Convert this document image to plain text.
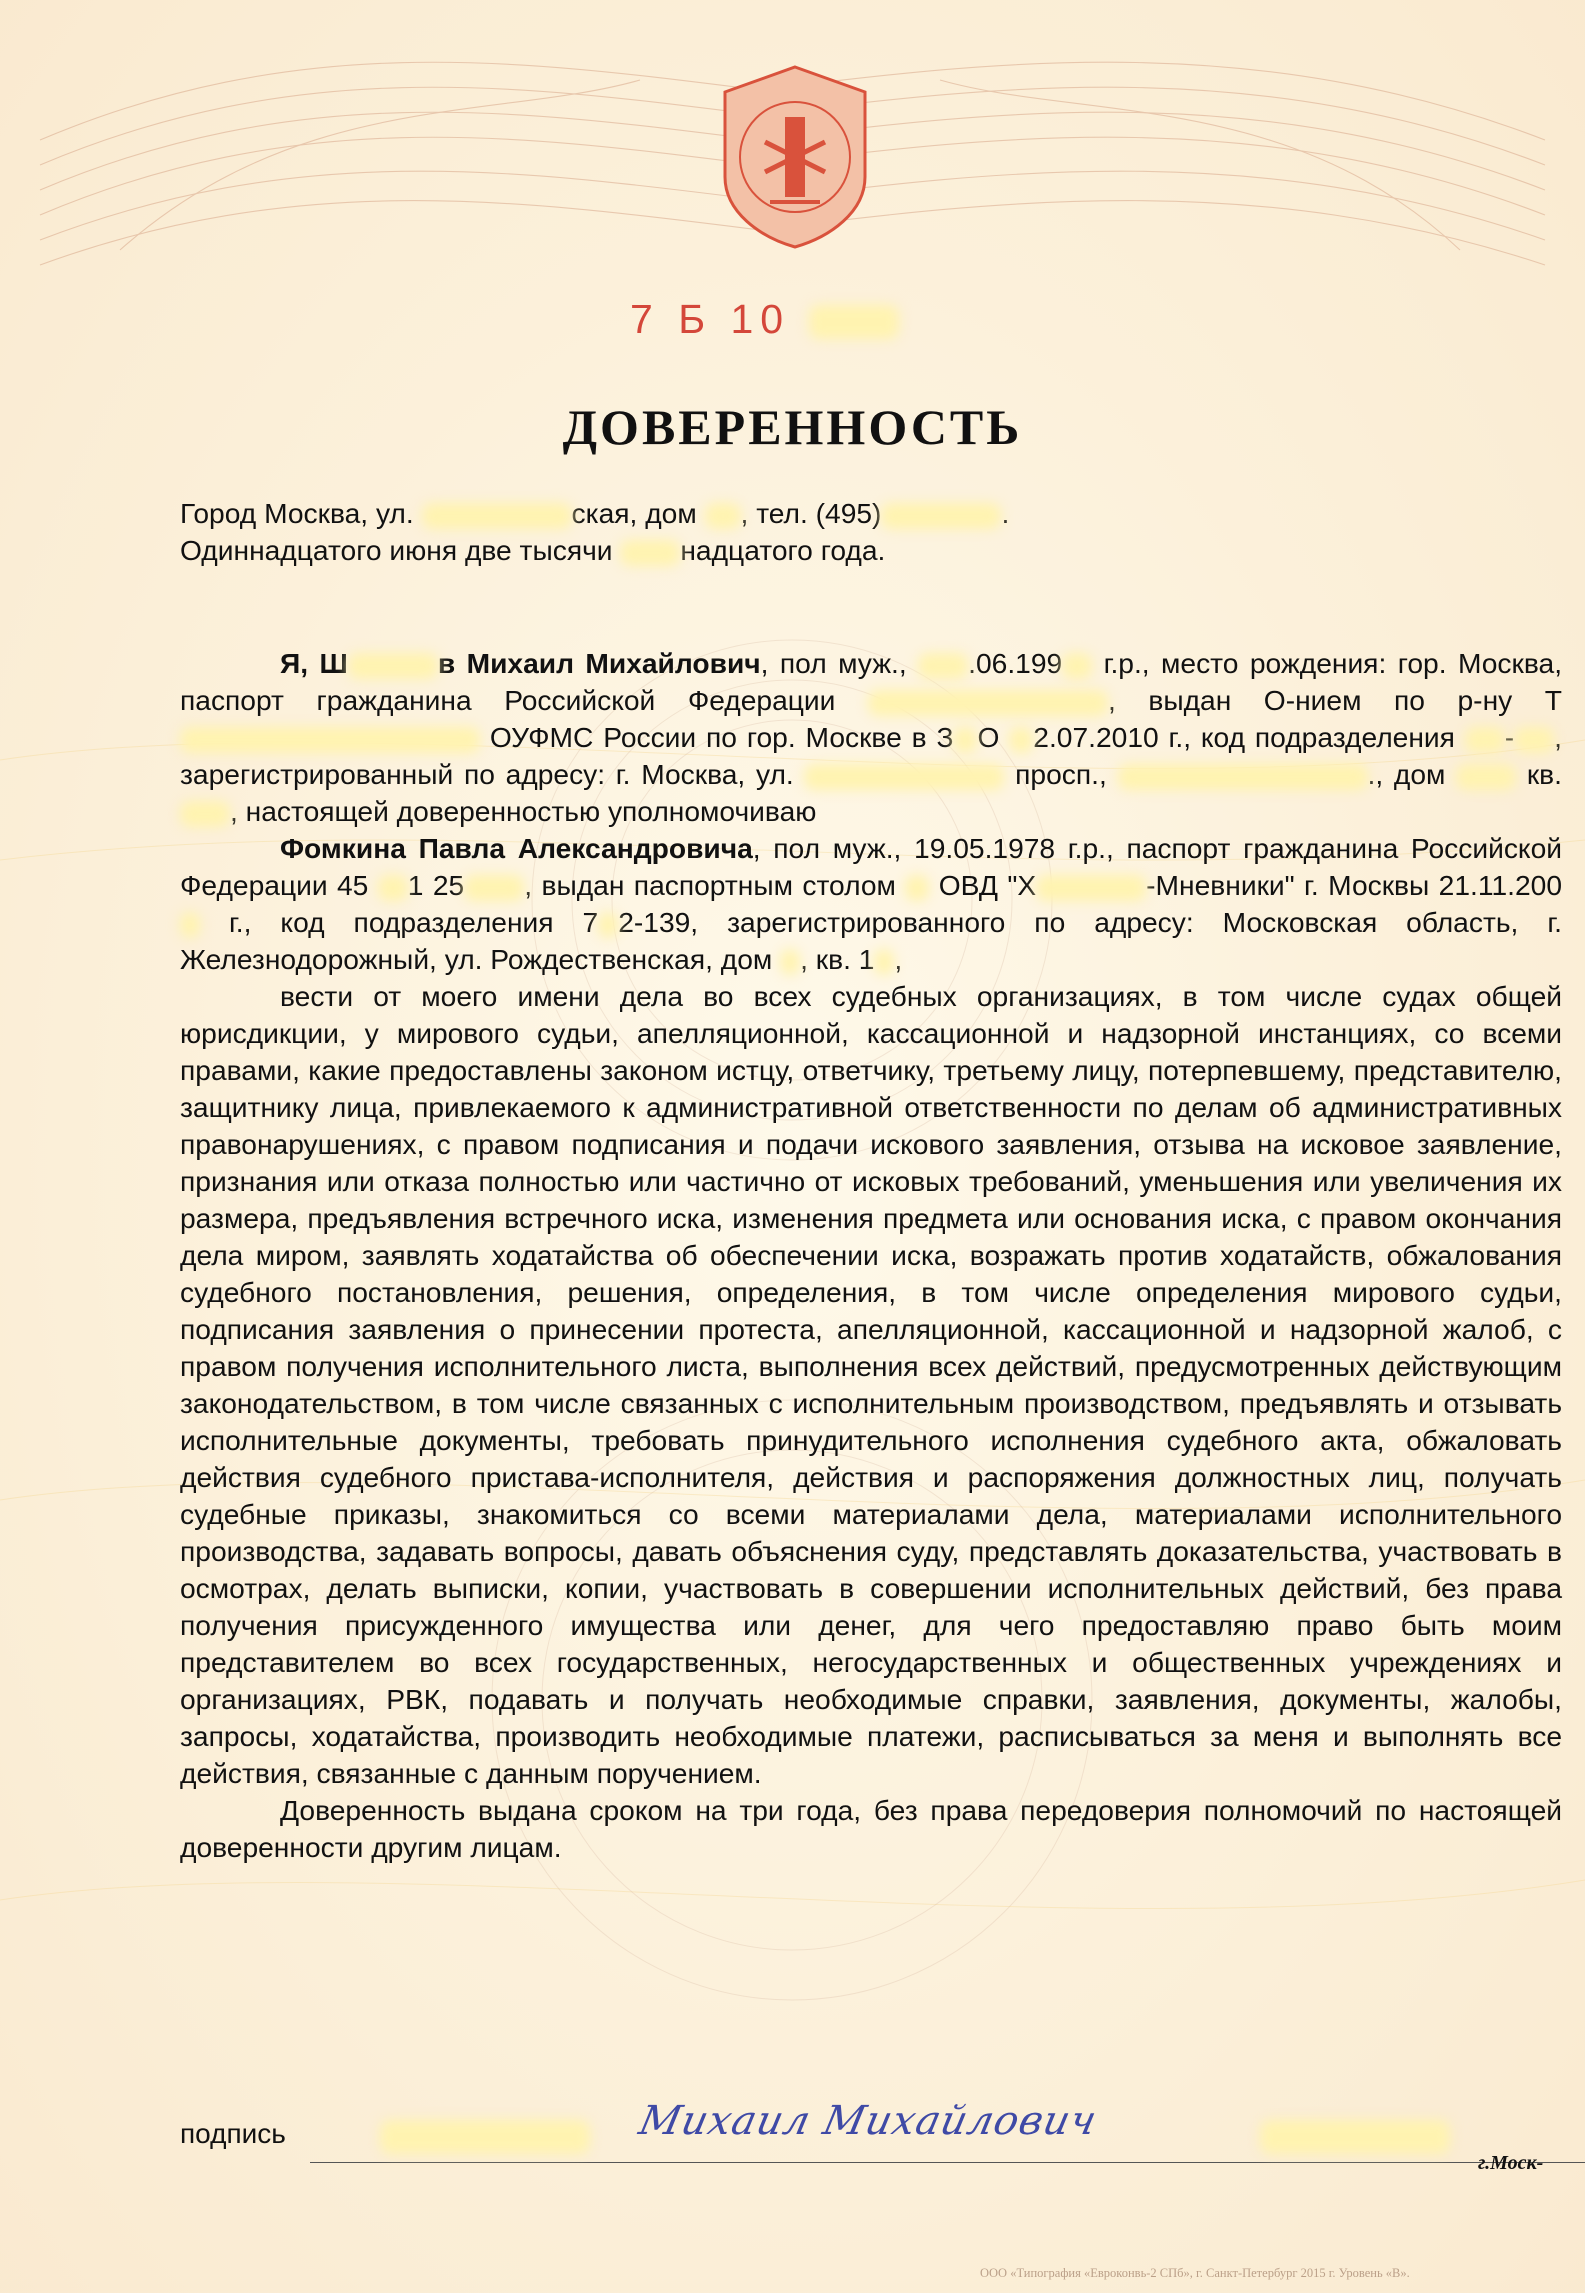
7 Б 10
ДОВЕРЕННОСТЬ

Город Москва, ул.	ская, дом , тел. (495)	.

Одиннадцатого июня две тысячи надцатого года.

Я, Ш	в Михаил Михайлович, пол муж., .06.199 г.р., место рождения: гор. Москва, паспорт гражданина Российской Федерации	, выдан О-нием по р-ну Т ОУФМС России по гор. Москве в З О 2.07.2010 г., код подразделения - , зарегистрированный по адресу: г. Москва, ул.	просп.,	., дом  кв. , настоящей доверенностью уполномочиваю

Фомкина Павла Александровича, пол муж., 19.05.1978 г.р., паспорт гражданина Российской Федерации 45 1 25 , выдан паспортным столом  ОВД "Х	-Мневники" г. Москвы 21.11.200 г., код подразделения 7 2-139, зарегистрированного по адресу: Московская область, г. Железнодорожный, ул. Рождественская, дом , кв. 1 ,

вести от моего имени дела во всех судебных организациях, в том числе судах общей юрисдикции, у мирового судьи, апелляционной, кассационной и надзорной инстанциях, со всеми правами, какие предоставлены законом истцу, ответчику, третьему лицу, потерпевшему, представителю, защитнику лица, привлекаемого к административной ответственности по делам об административных правонарушениях, с правом подписания и подачи искового заявления, отзыва на исковое заявление, признания или отказа полностью или частично от исковых требований, уменьшения или увеличения их размера, предъявления встречного иска, изменения предмета или основания иска, с правом окончания дела миром, заявлять ходатайства об обеспечении иска, возражать против ходатайств, обжалования судебного постановления, решения, определения, в том числе определения мирового судьи, подписания заявления о принесении протеста, апелляционной, кассационной и надзорной жалоб, с правом получения исполнительного листа, выполнения всех действий, предусмотренных действующим законодательством, в том числе связанных с исполнительным производством, предъявлять и отзывать исполнительные документы, требовать принудительного исполнения судебного акта, обжаловать действия судебного пристава-исполнителя, действия и распоряжения должностных лиц, получать судебные приказы, знакомиться со всеми материалами дела, материалами исполнительного производства, задавать вопросы, давать объяснения суду, представлять доказательства, участвовать в осмотрах, делать выписки, копии, участвовать в совершении исполнительных действий, без права получения присужденного имущества или денег, для чего предоставляю право быть моим представителем во всех государственных, негосударственных и общественных учреждениях и организациях, РВК, подавать и получать необходимые справки, заявления, документы, жалобы, запросы, ходатайства, производить необходимые платежи, расписываться за меня и выполнять все действия, связанные с данным поручением.

Доверенность выдана сроком на три года, без права передоверия полномочий по настоящей доверенности другим лицам.

подпись	Михаил Михайлович
г.Моск-
ООО «Типография «Евроконвь-2 СПб», г. Санкт-Петербург 2015 г. Уровень «В».
